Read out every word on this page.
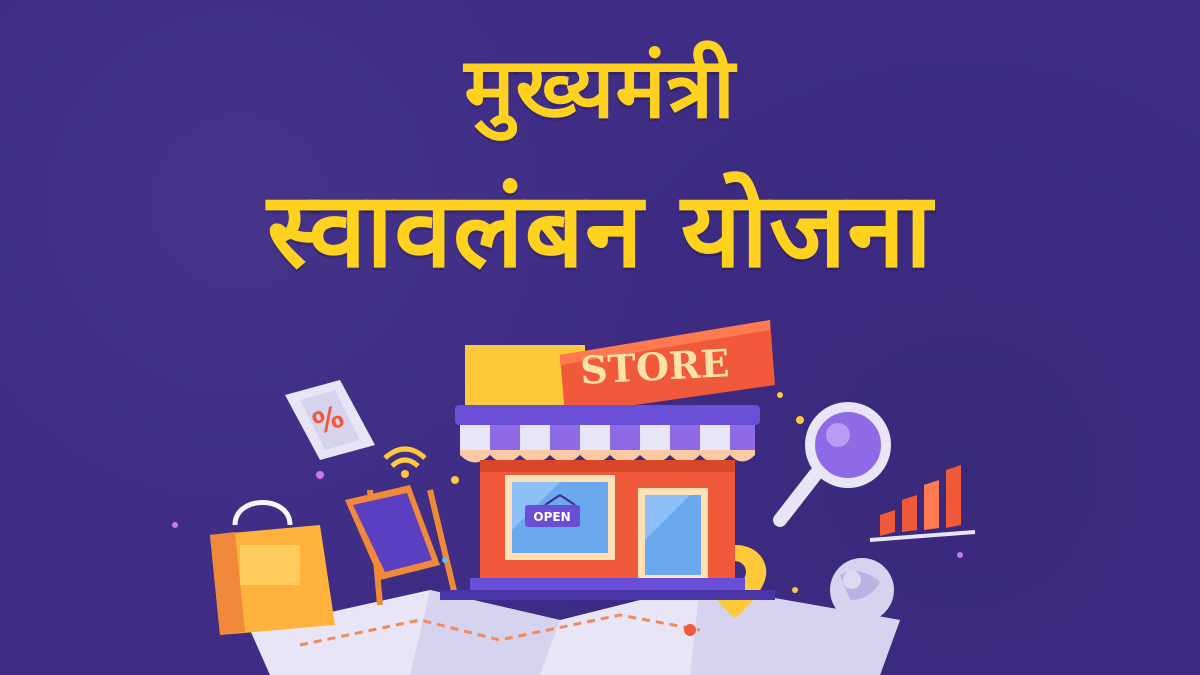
मुख्यमंत्री
स्वावलंबन योजना
%
STORE
OPEN
